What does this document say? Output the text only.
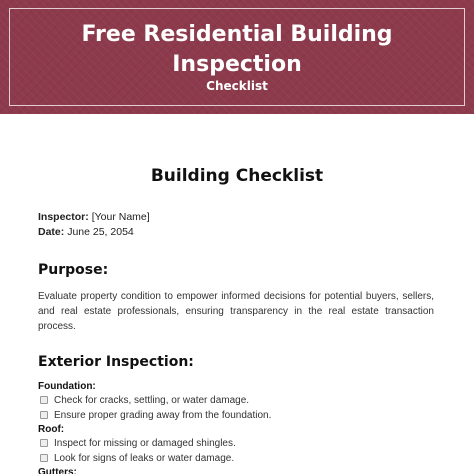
Free Residential Building
Inspection
Checklist
Building Checklist
Inspector: [Your Name]
Date: June 25, 2054
Purpose:
Evaluate property condition to empower informed decisions for potential buyers, sellers, and real estate professionals, ensuring transparency in the real estate transaction process.
Exterior Inspection:
Foundation:
Check for cracks, settling, or water damage.
Ensure proper grading away from the foundation.
Roof:
Inspect for missing or damaged shingles.
Look for signs of leaks or water damage.
Gutters:
